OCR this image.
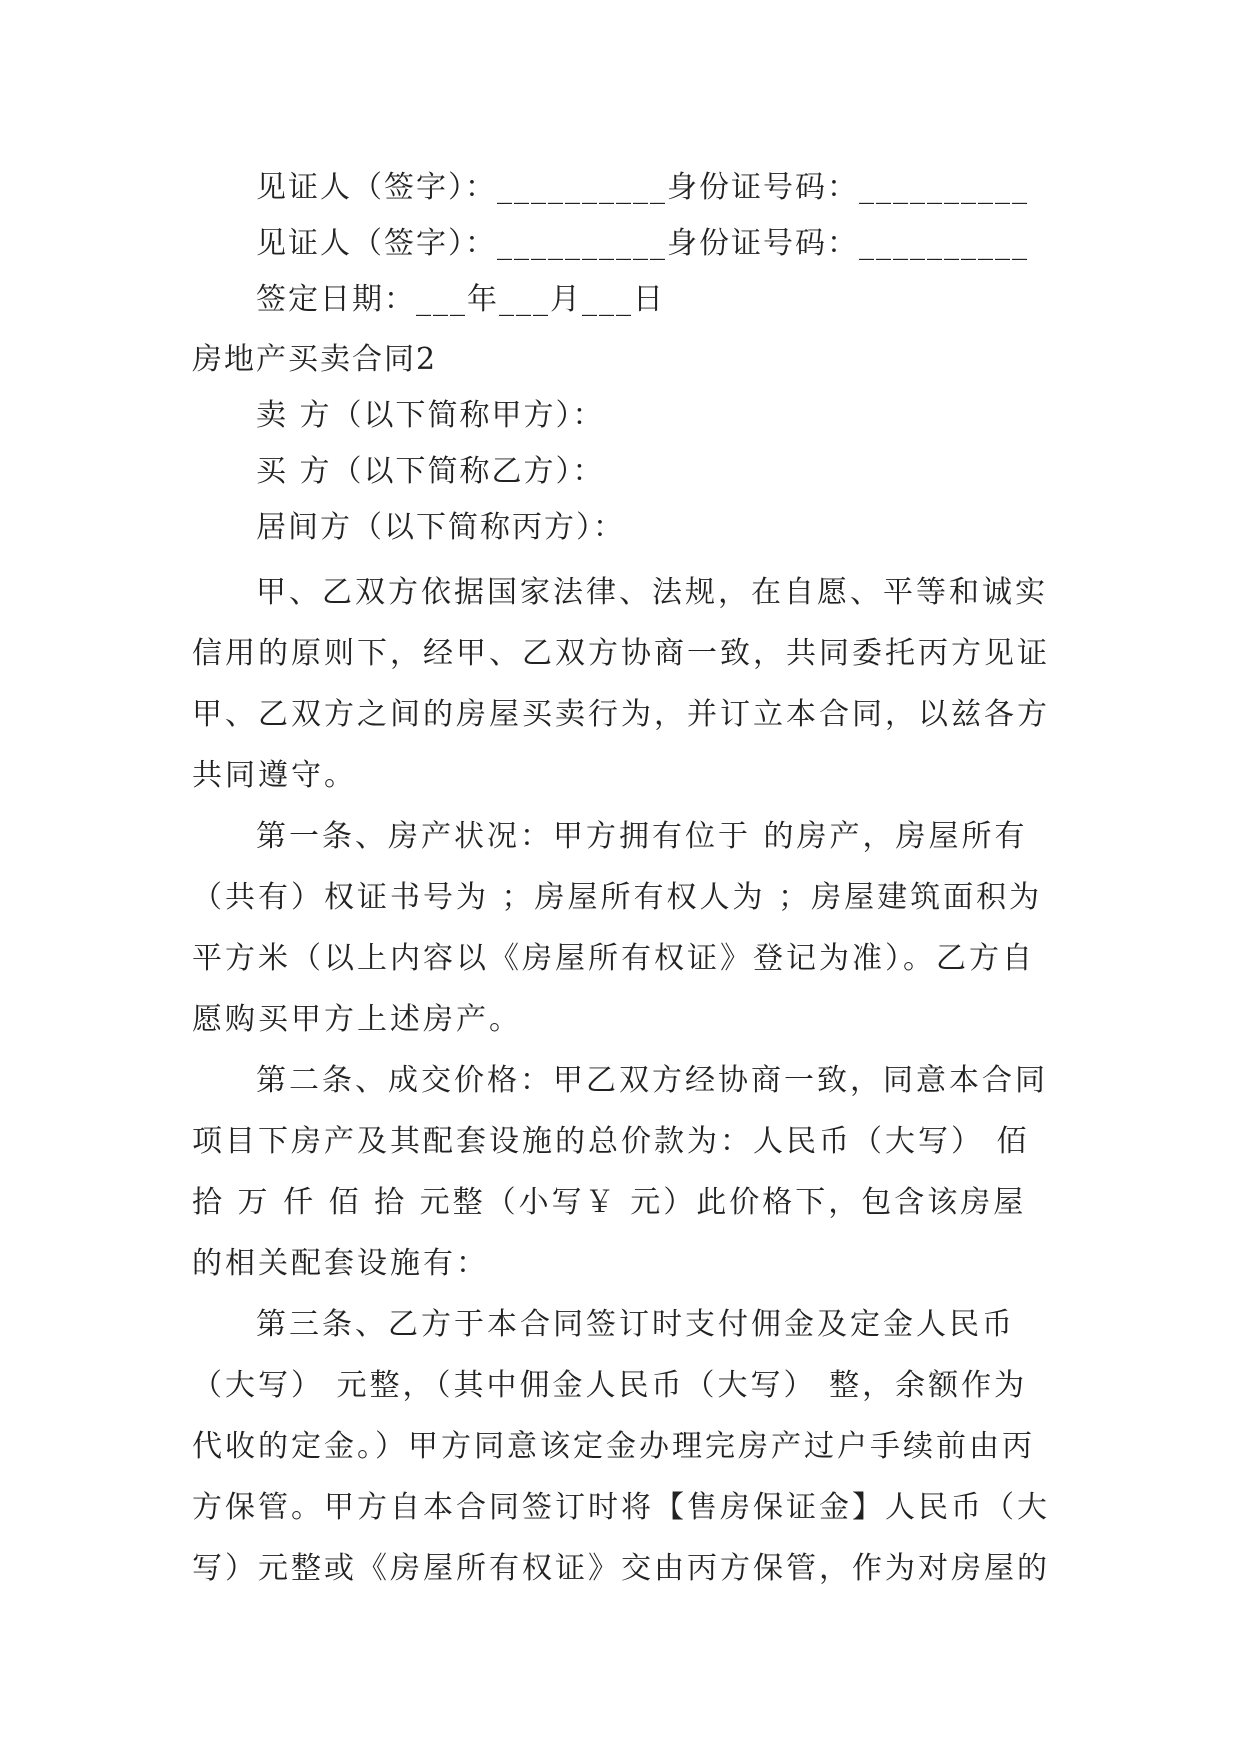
见证人（签字）：__________身份证号码：__________
见证人（签字）：__________身份证号码：__________
签定日期：___年___月___日
房地产买卖合同2
卖 方（以下简称甲方）：
买 方（以下简称乙方）：
居间方（以下简称丙方）：
甲、乙双方依据国家法律、法规，在自愿、平等和诚实
信用的原则下，经甲、乙双方协商一致，共同委托丙方见证
甲、乙双方之间的房屋买卖行为，并订立本合同，以兹各方
共同遵守。
第一条、房产状况：甲方拥有位于 的房产，房屋所有
（共有）权证书号为 ；房屋所有权人为 ；房屋建筑面积为
平方米（以上内容以《房屋所有权证》登记为准）。乙方自
愿购买甲方上述房产。
第二条、成交价格：甲乙双方经协商一致，同意本合同
项目下房产及其配套设施的总价款为：人民币（大写） 佰
拾 万 仟 佰 拾 元整（小写￥ 元）此价格下，包含该房屋
的相关配套设施有：
第三条、乙方于本合同签订时支付佣金及定金人民币
（大写） 元整，（其中佣金人民币（大写） 整，余额作为
代收的定金。）甲方同意该定金办理完房产过户手续前由丙
方保管。甲方自本合同签订时将【售房保证金】人民币（大
写）元整或《房屋所有权证》交由丙方保管，作为对房屋的
